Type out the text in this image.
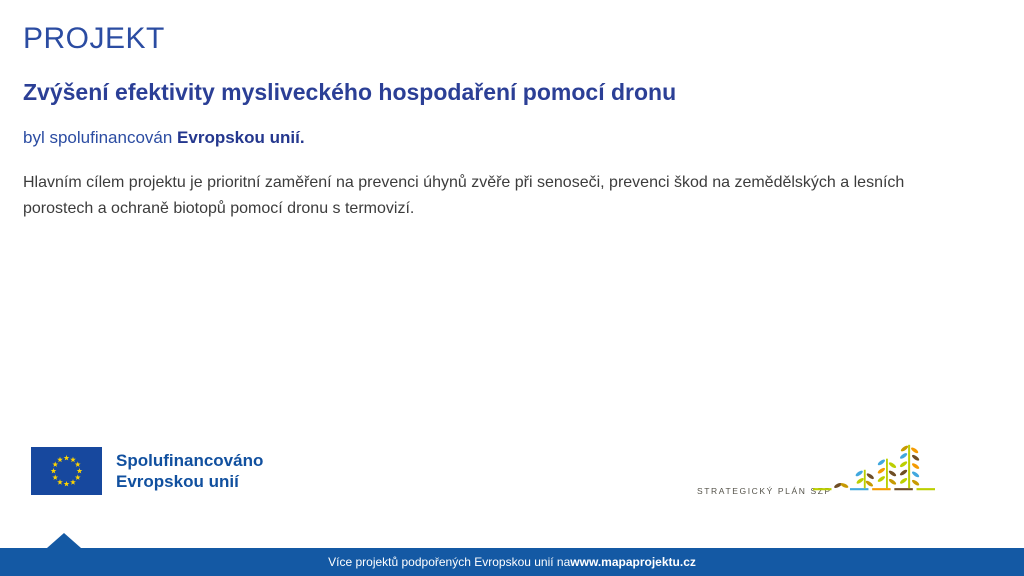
PROJEKT
Zvýšení efektivity mysliveckého hospodaření pomocí dronu

byl spolufinancován Evropskou unií.

Hlavním cílem projektu je prioritní zaměření na prevenci úhynů zvěře při senoseči, prevenci škod na zemědělských a lesních porostech a ochraně biotopů pomocí dronu s termovizí.

Spolufinancováno
Evropskou unií	STRATEGICKÝ PLÁN SZP
Více projektů podpořených Evropskou unií na www.mapaprojektu.cz
